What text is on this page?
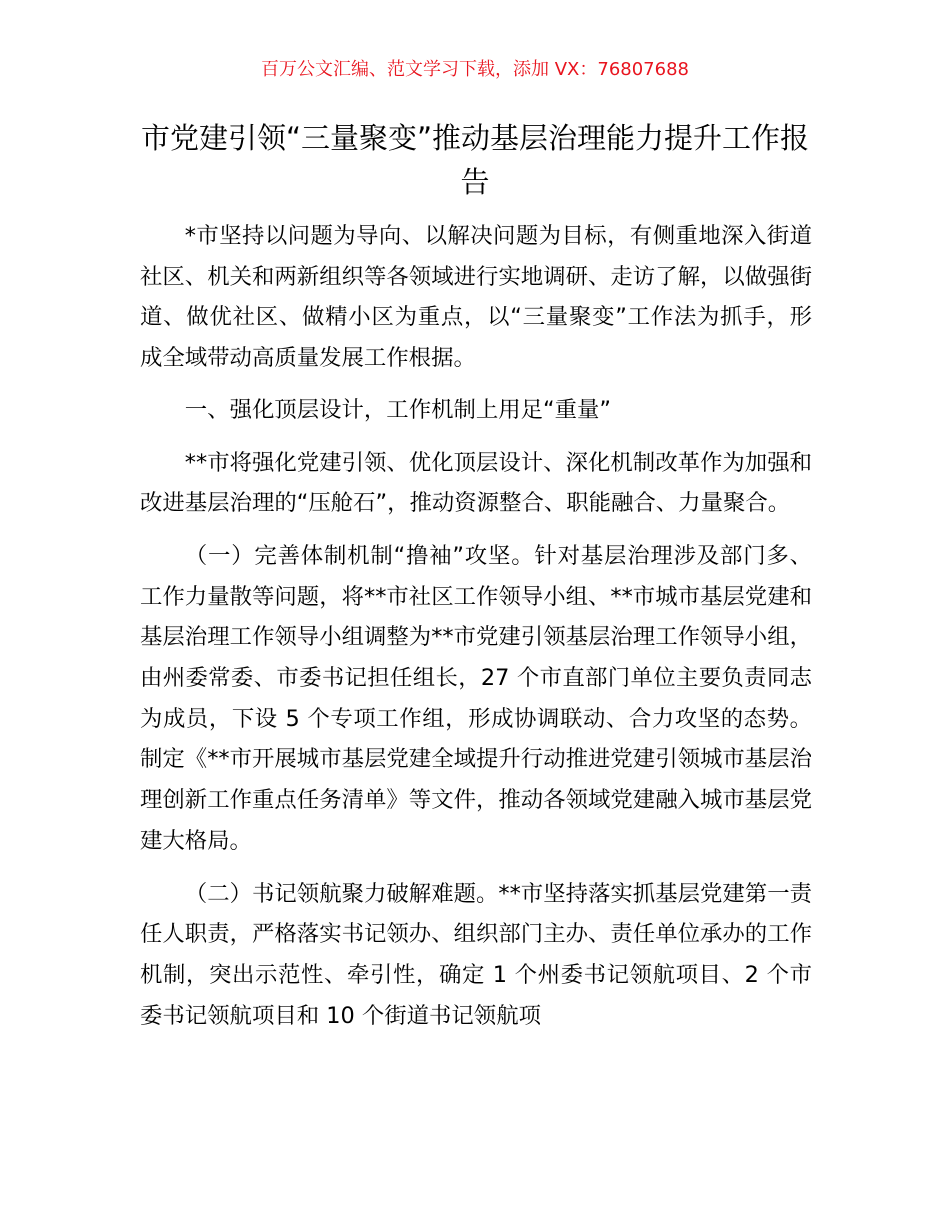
百万公文汇编、范文学习下载，添加 VX：76807688
市党建引领“三量聚变”推动基层治理能力提升工作报告

*市坚持以问题为导向、以解决问题为目标，有侧重地深入街道社区、机关和两新组织等各领域进行实地调研、走访了解，以做强街道、做优社区、做精小区为重点，以“三量聚变”工作法为抓手，形成全域带动高质量发展工作根据。

一、强化顶层设计，工作机制上用足“重量”

**市将强化党建引领、优化顶层设计、深化机制改革作为加强和改进基层治理的“压舱石”，推动资源整合、职能融合、力量聚合。

（一）完善体制机制“撸袖”攻坚。针对基层治理涉及部门多、工作力量散等问题，将**市社区工作领导小组、**市城市基层党建和基层治理工作领导小组调整为**市党建引领基层治理工作领导小组，由州委常委、市委书记担任组长，27 个市直部门单位主要负责同志为成员，下设 5 个专项工作组，形成协调联动、合力攻坚的态势。制定《**市开展城市基层党建全域提升行动推进党建引领城市基层治理创新工作重点任务清单》等文件，推动各领域党建融入城市基层党建大格局。

（二）书记领航聚力破解难题。**市坚持落实抓基层党建第一责任人职责，严格落实书记领办、组织部门主办、责任单位承办的工作机制，突出示范性、牵引性，确定 1 个州委书记领航项目、2 个市委书记领航项目和 10 个街道书记领航项
